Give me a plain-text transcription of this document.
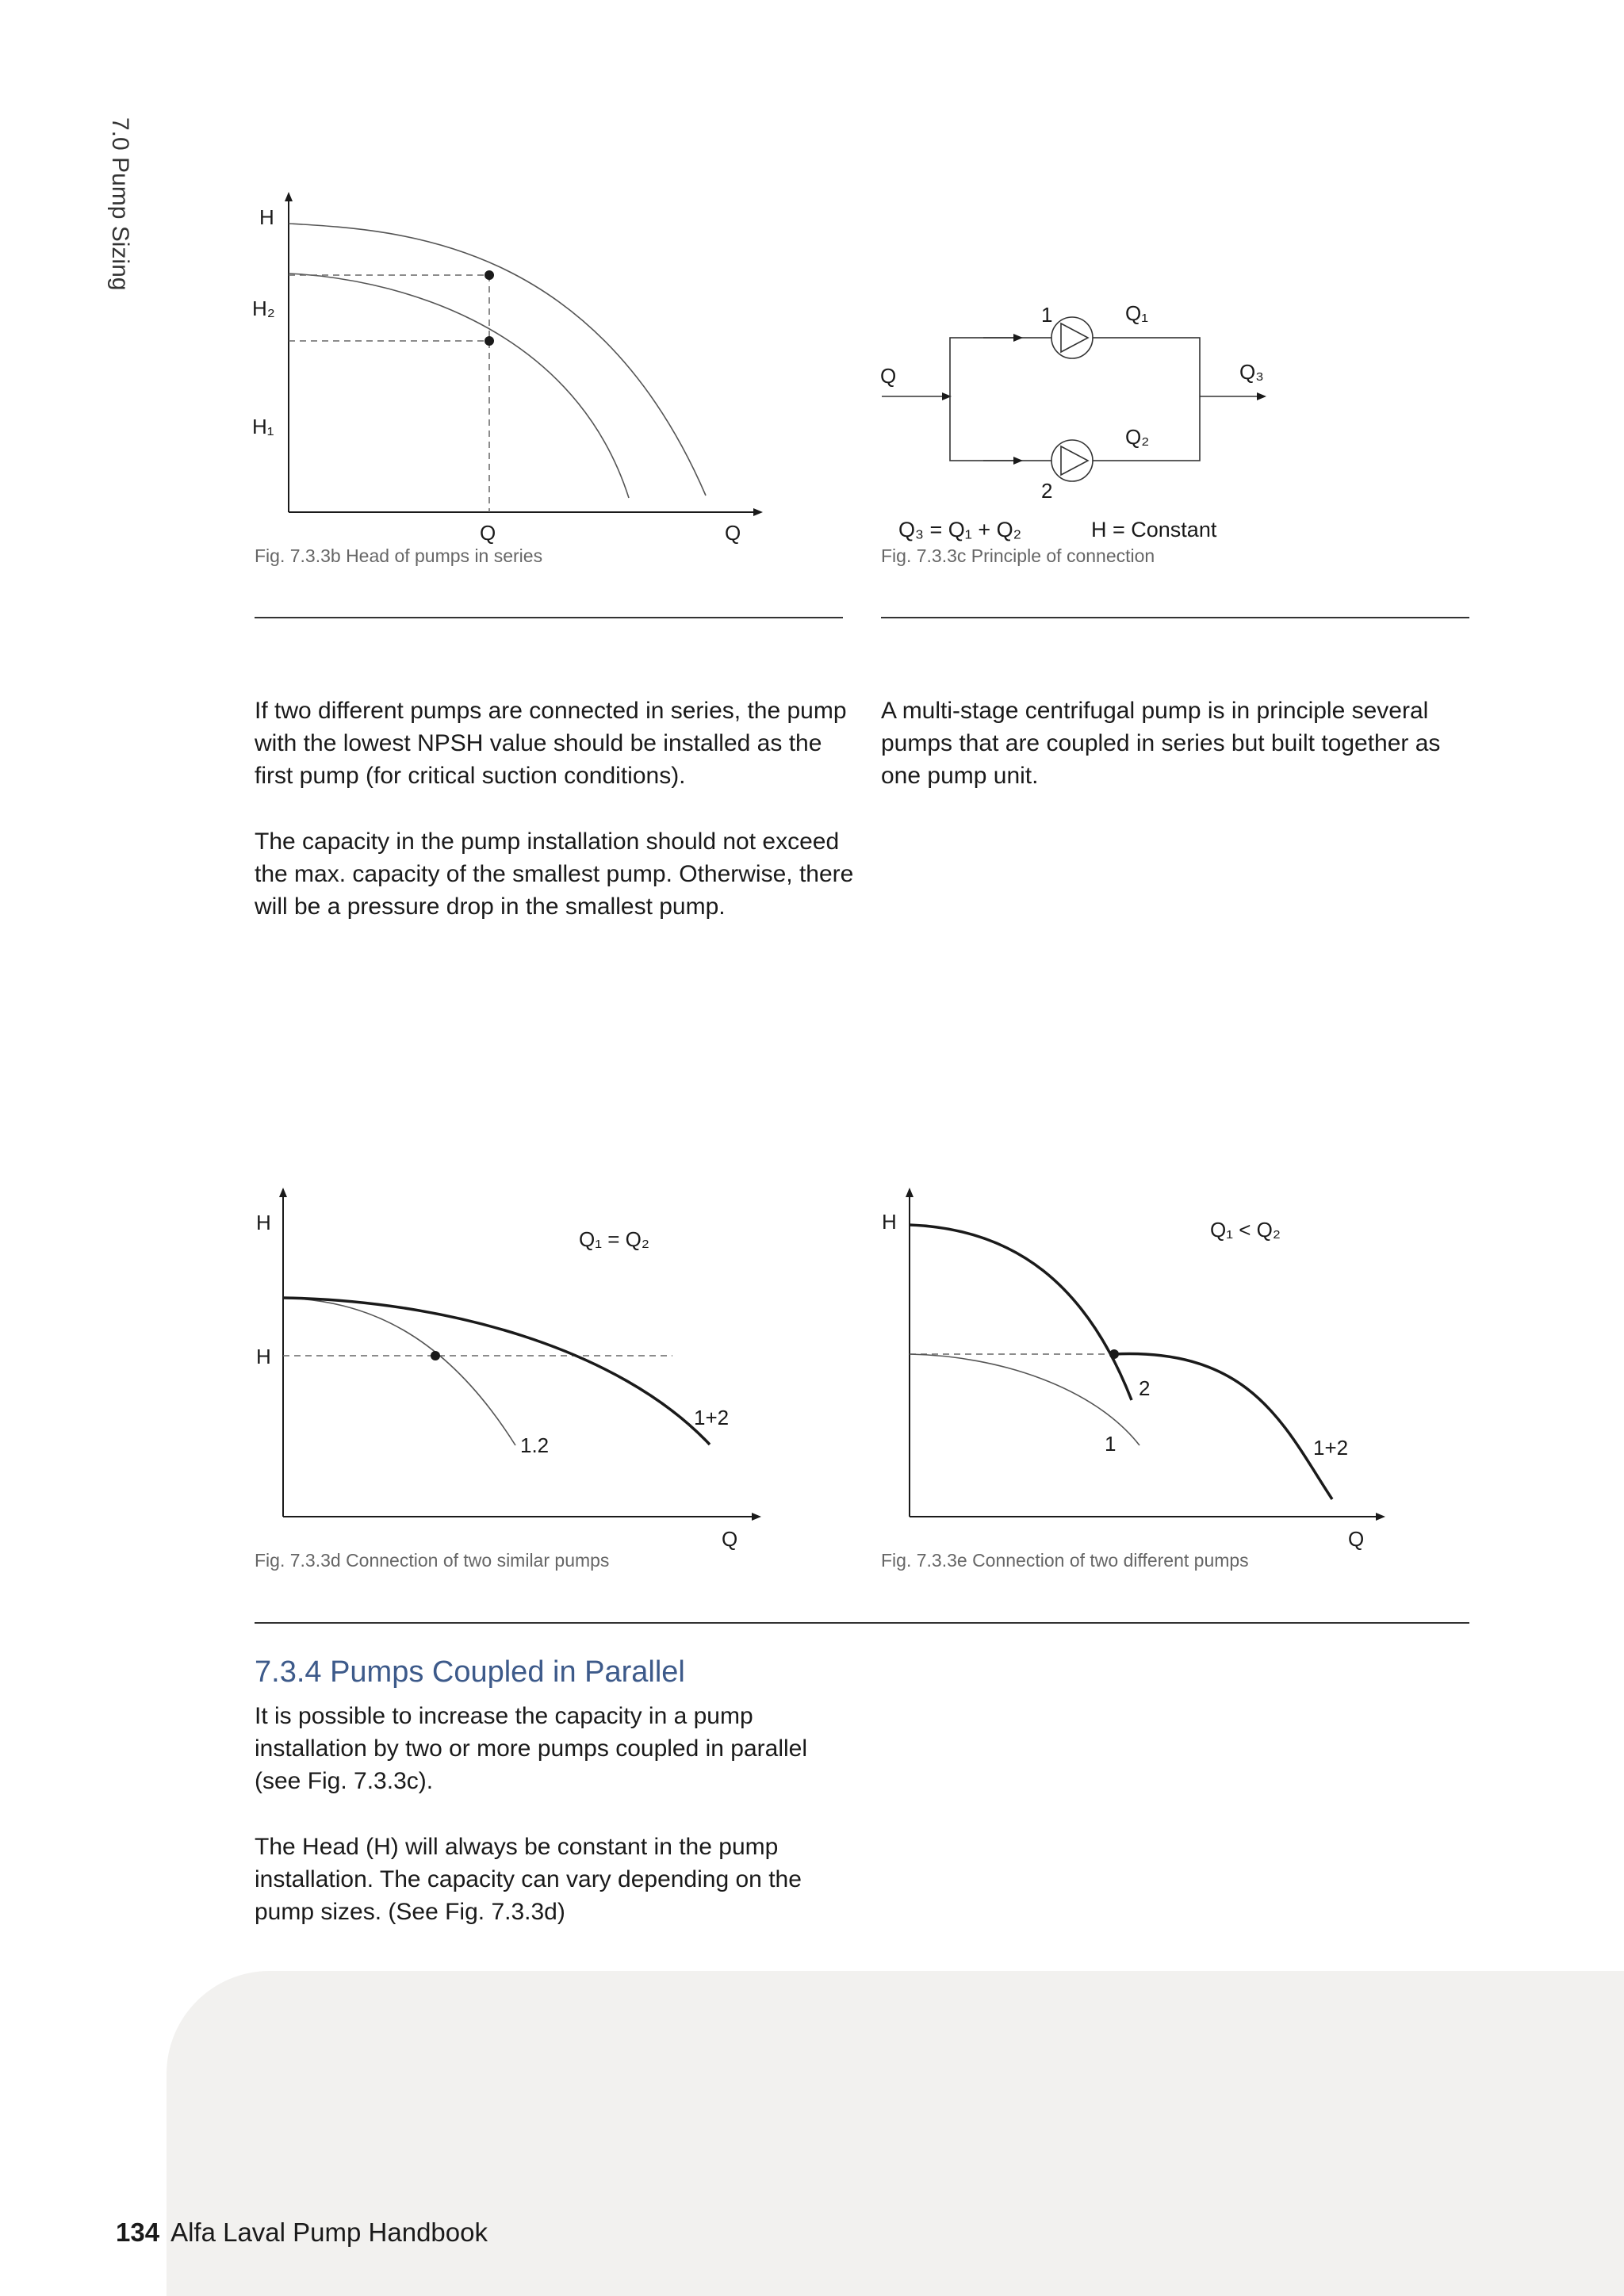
7.0 Pump Sizing	H
H₂
H₁
Q	Q
Fig. 7.3.3b Head of pumps in series
Q
1	Q₁
Q₂
2
Q₃
Q₃ = Q₁ + Q₂	H = Constant
Fig. 7.3.3c Principle of connection

If two different pumps are connected in series, the pump with the lowest NPSH value should be installed as the first pump (for critical suction conditions).

The capacity in the pump installation should not exceed the max. capacity of the smallest pump. Otherwise, there will be a pressure drop in the smallest pump.

A multi-stage centrifugal pump is in principle several pumps that are coupled in series but built together as one pump unit.

H
H
Q₁ = Q₂
1.2
1+2
Q
Fig. 7.3.3d Connection of two similar pumps
H	Q₁ < Q₂
2
1	1+2
Q
Fig. 7.3.3e Connection of two different pumps
7.3.4 Pumps Coupled in Parallel

It is possible to increase the capacity in a pump installation by two or more pumps coupled in parallel (see Fig. 7.3.3c).

The Head (H) will always be constant in the pump installation. The capacity can vary depending on the pump sizes. (See Fig. 7.3.3d)

134 Alfa Laval Pump Handbook
